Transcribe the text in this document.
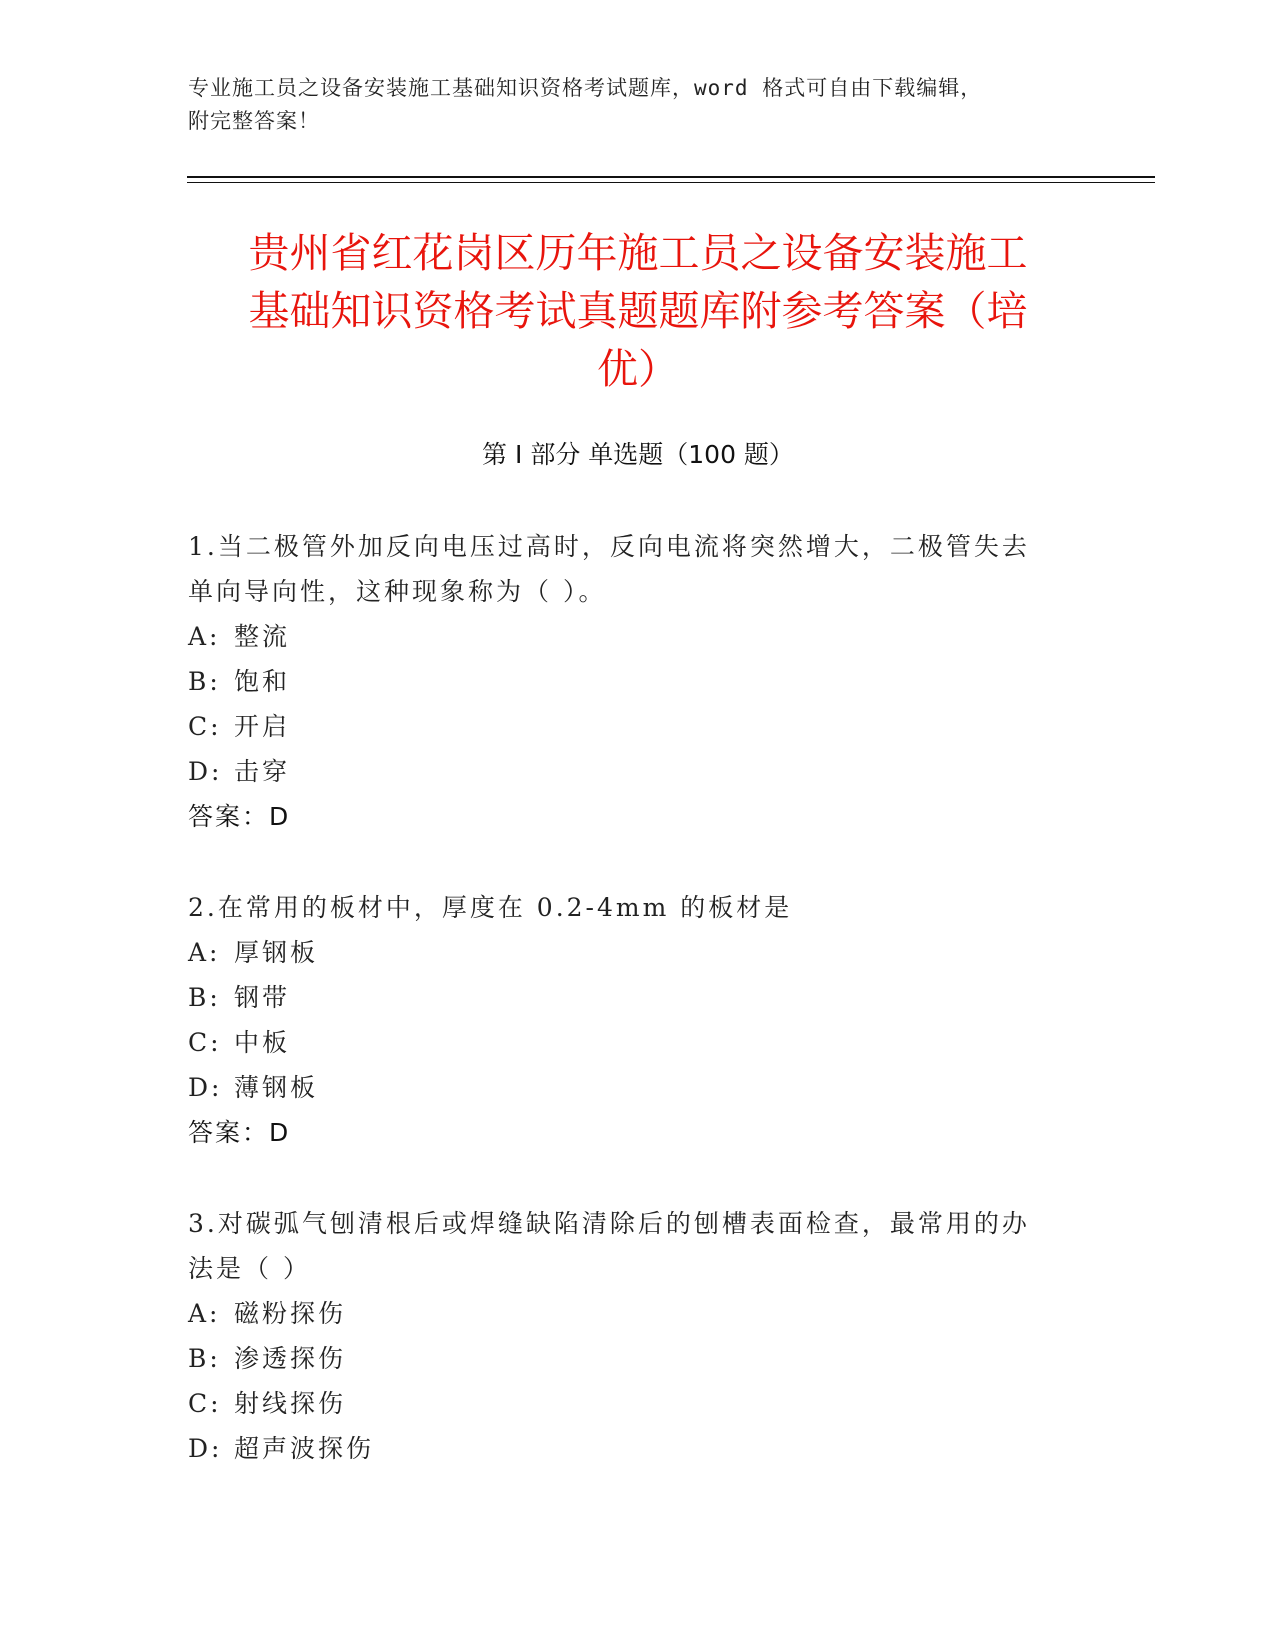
专业施工员之设备安装施工基础知识资格考试题库，word 格式可自由下载编辑，
附完整答案！
贵州省红花岗区历年施工员之设备安装施工
基础知识资格考试真题题库附参考答案（培
优）
第 I 部分 单选题（100 题）
1.当二极管外加反向电压过高时，反向电流将突然增大，二极管失去
单向导向性，这种现象称为（ ）。
A: 整流
B: 饱和
C: 开启
D: 击穿
答案：D
2.在常用的板材中，厚度在 0.2-4mm 的板材是
A: 厚钢板
B: 钢带
C: 中板
D: 薄钢板
答案：D
3.对碳弧气刨清根后或焊缝缺陷清除后的刨槽表面检查，最常用的办
法是（ ）
A: 磁粉探伤
B: 渗透探伤
C: 射线探伤
D: 超声波探伤
